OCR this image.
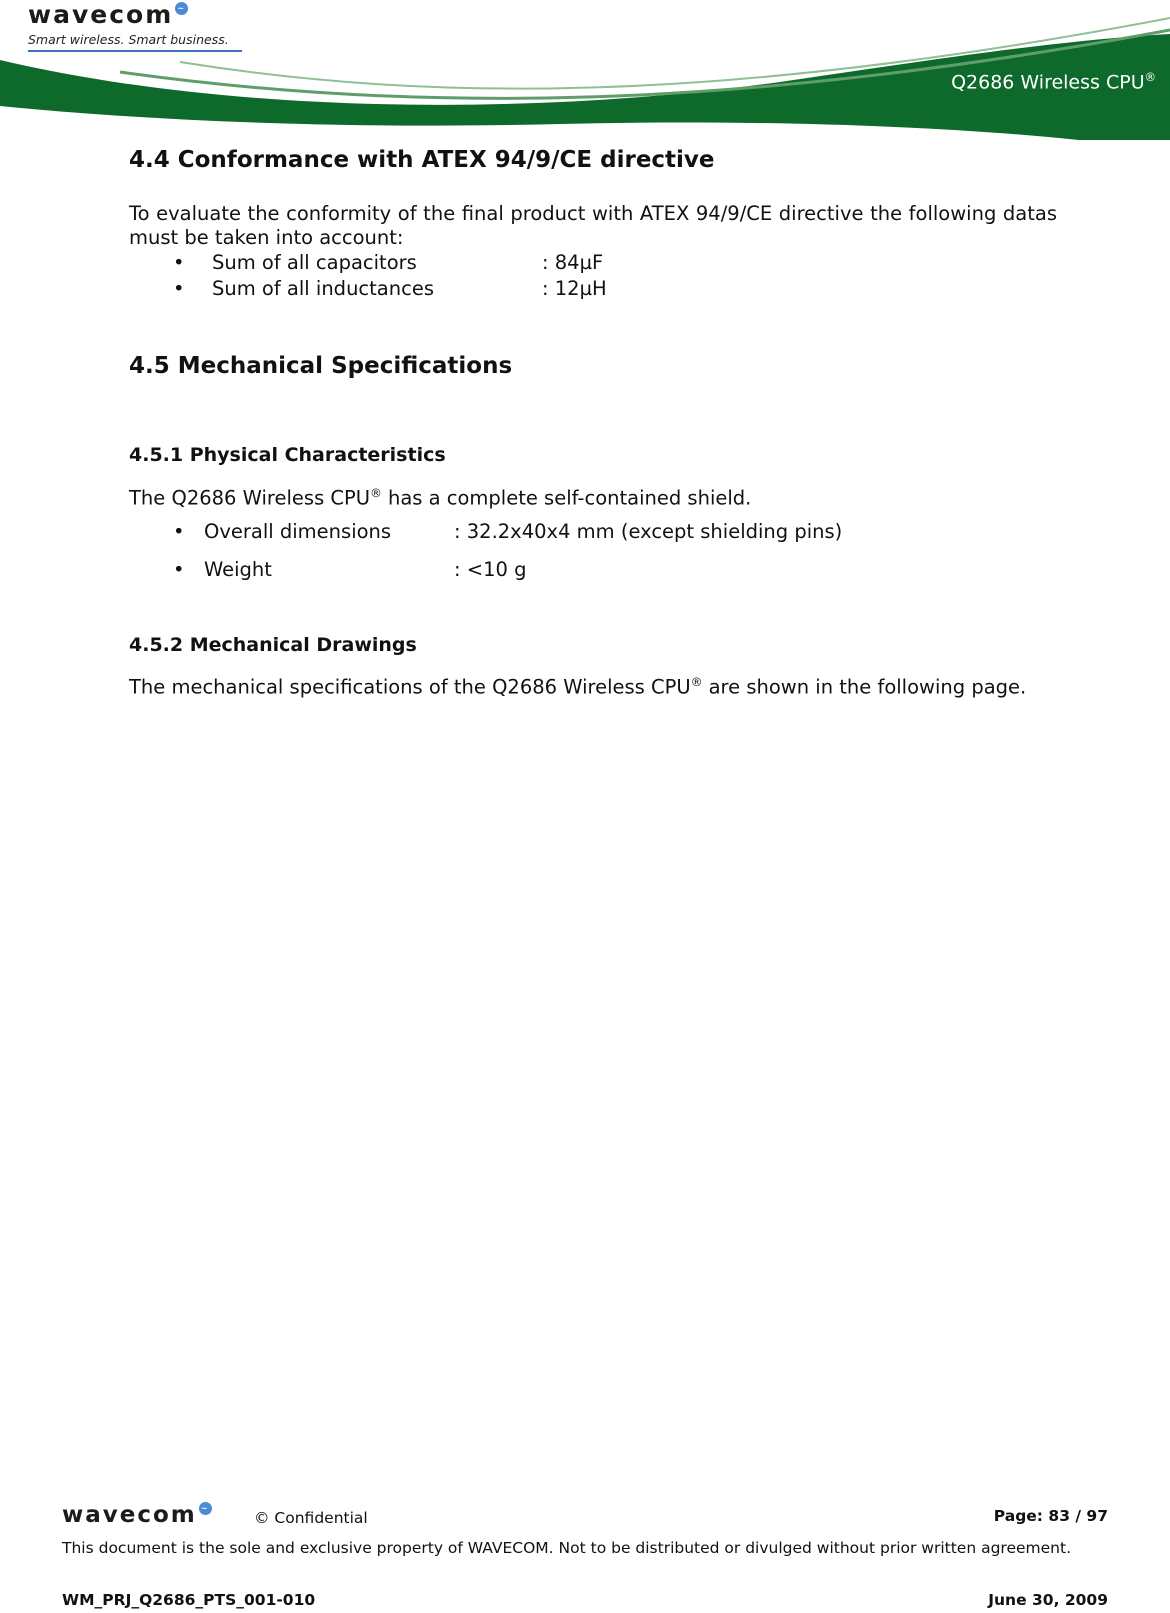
wavecom ~
Smart wireless. Smart business.
Q2686 Wireless CPU®
4.4 Conformance with ATEX 94/9/CE directive
To evaluate the conformity of the final product with ATEX 94/9/CE directive the following datas must be taken into account:
• Sum of all capacitors	: 84µF
• Sum of all inductances	: 12µH
4.5 Mechanical Specifications
4.5.1 Physical Characteristics
The Q2686 Wireless CPU® has a complete self-contained shield.
• Overall dimensions	: 32.2x40x4 mm (except shielding pins)
• Weight	: <10 g
4.5.2 Mechanical Drawings
The mechanical specifications of the Q2686 Wireless CPU® are shown in the following page.
wavecom ~
© Confidential	Page: 83 / 97
This document is the sole and exclusive property of WAVECOM. Not to be distributed or divulged without prior written agreement.
WM_PRJ_Q2686_PTS_001-010	June 30, 2009
